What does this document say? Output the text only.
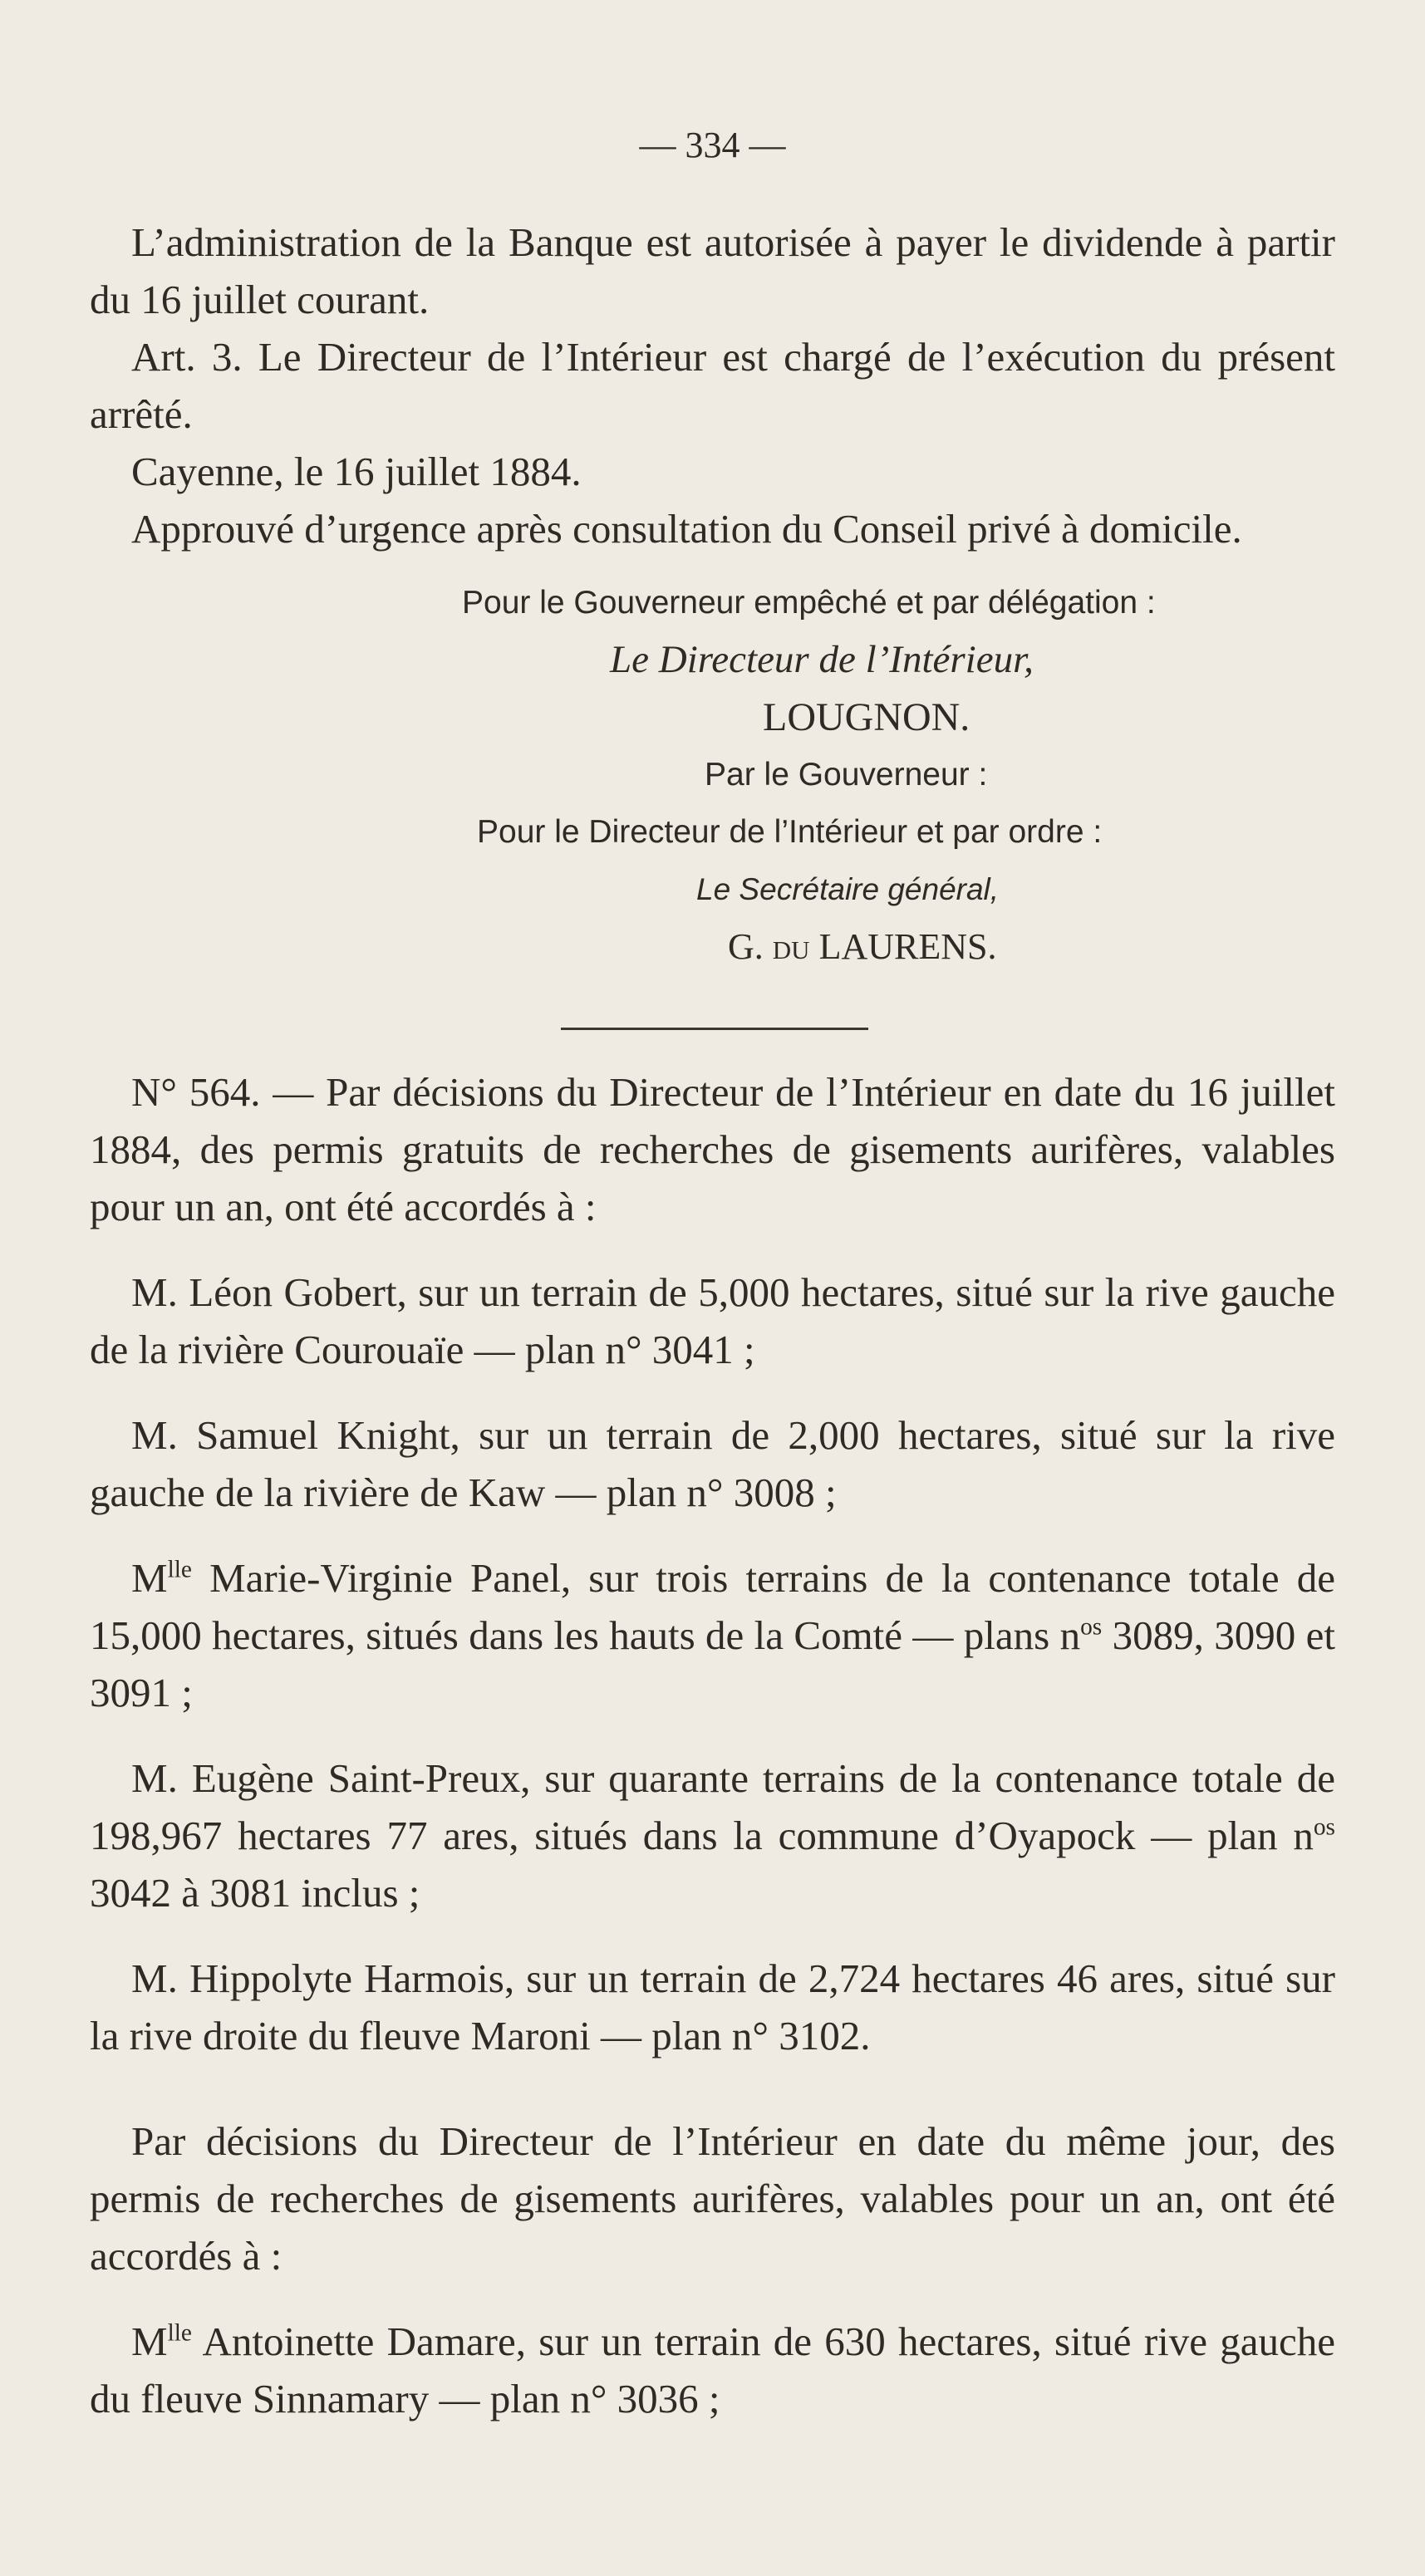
— 334 —

L’administration de la Banque est autorisée à payer le dividende à partir du 16 juillet courant.

Art. 3. Le Directeur de l’Intérieur est chargé de l’exécution du présent arrêté.

Cayenne, le 16 juillet 1884.

Approuvé d’urgence après consultation du Conseil privé à domicile.

Pour le Gouverneur empêché et par délégation :
Le Directeur de l’Intérieur,
LOUGNON.
Par le Gouverneur :
Pour le Directeur de l’Intérieur et par ordre :
Le Secrétaire général,
G. du LAURENS.

N° 564. — Par décisions du Directeur de l’Intérieur en date du 16 juillet 1884, des permis gratuits de recherches de gisements aurifères, valables pour un an, ont été accordés à :

M. Léon Gobert, sur un terrain de 5,000 hectares, situé sur la rive gauche de la rivière Courouaïe — plan n° 3041 ;

M. Samuel Knight, sur un terrain de 2,000 hectares, situé sur la rive gauche de la rivière de Kaw — plan n° 3008 ;

$M^{lle}$ Marie-Virginie Panel, sur trois terrains de la contenance totale de 15,000 hectares, situés dans les hauts de la Comté — plans $n^{os}$ 3089, 3090 et 3091 ;

M. Eugène Saint-Preux, sur quarante terrains de la contenance totale de 198,967 hectares 77 ares, situés dans la commune d’Oyapock — plan $n^{os}$ 3042 à 3081 inclus ;

M. Hippolyte Harmois, sur un terrain de 2,724 hectares 46 ares, situé sur la rive droite du fleuve Maroni — plan n° 3102.

Par décisions du Directeur de l’Intérieur en date du même jour, des permis de recherches de gisements aurifères, valables pour un an, ont été accordés à :

$M^{lle}$ Antoinette Damare, sur un terrain de 630 hectares, situé rive gauche du fleuve Sinnamary — plan n° 3036 ;
